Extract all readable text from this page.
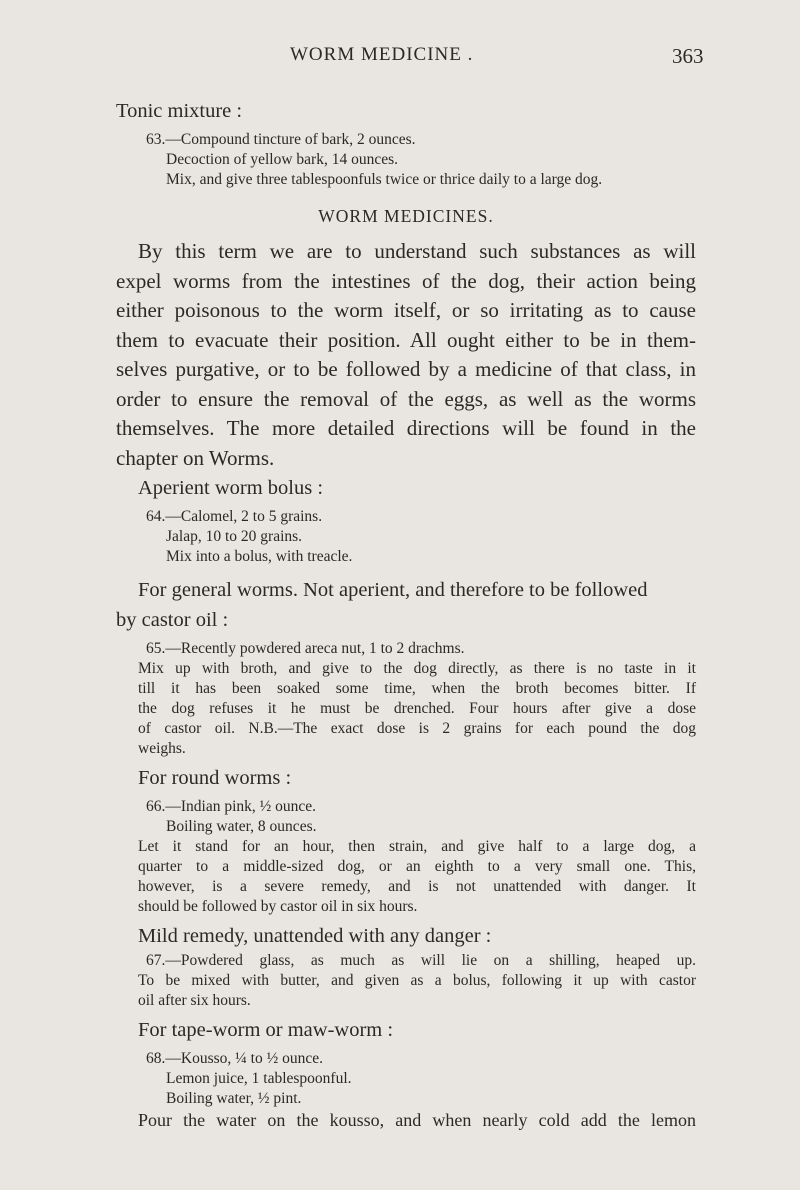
WORM MEDICINE .	363
Tonic mixture :
63.—Compound tincture of bark, 2 ounces.
Decoction of yellow bark, 14 ounces.
Mix, and give three tablespoonfuls twice or thrice daily to a large dog.
WORM MEDICINES.
By this term we are to understand such substances as will
expel worms from the intestines of the dog, their action being
either poisonous to the worm itself, or so irritating as to cause
them to evacuate their position. All ought either to be in them-
selves purgative, or to be followed by a medicine of that class, in
order to ensure the removal of the eggs, as well as the worms
themselves. The more detailed directions will be found in the
chapter on Worms.
Aperient worm bolus :
64.—Calomel, 2 to 5 grains.
Jalap, 10 to 20 grains.
Mix into a bolus, with treacle.
For general worms. Not aperient, and therefore to be followed
by castor oil :
65.—Recently powdered areca nut, 1 to 2 drachms.
Mix up with broth, and give to the dog directly, as there is no taste in it
till it has been soaked some time, when the broth becomes bitter. If
the dog refuses it he must be drenched. Four hours after give a dose
of castor oil. N.B.—The exact dose is 2 grains for each pound the dog
weighs.
For round worms :
66.—Indian pink, ½ ounce.
Boiling water, 8 ounces.
Let it stand for an hour, then strain, and give half to a large dog, a
quarter to a middle-sized dog, or an eighth to a very small one. This,
however, is a severe remedy, and is not unattended with danger. It
should be followed by castor oil in six hours.
Mild remedy, unattended with any danger :
67.—Powdered glass, as much as will lie on a shilling, heaped up.
To be mixed with butter, and given as a bolus, following it up with castor
oil after six hours.
For tape-worm or maw-worm :
68.—Kousso, ¼ to ½ ounce.
Lemon juice, 1 tablespoonful.
Boiling water, ½ pint.
Pour the water on the kousso, and when nearly cold add the lemon
